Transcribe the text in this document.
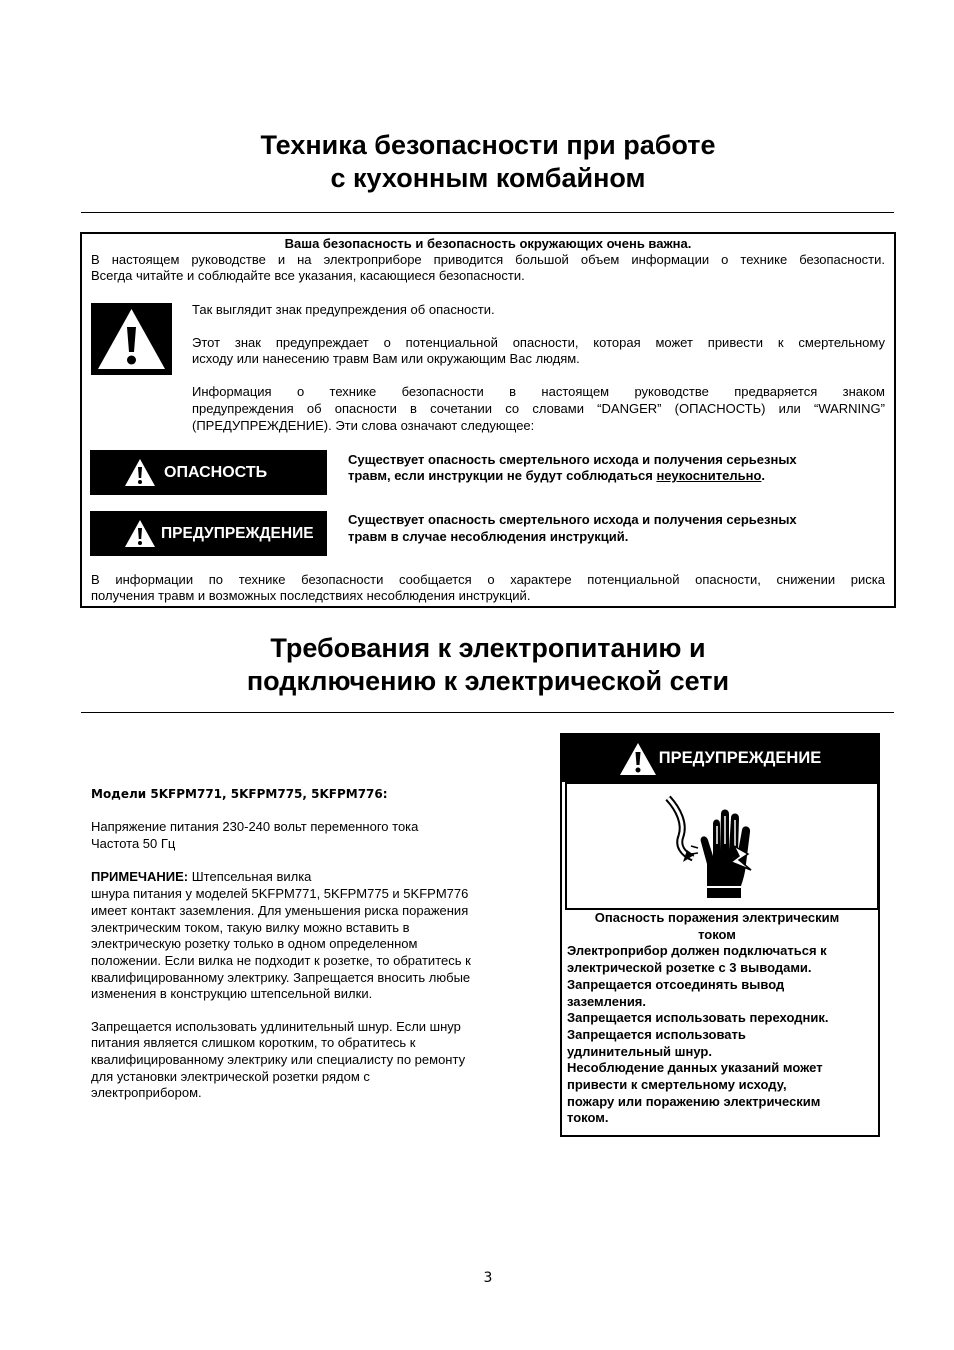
Техника безопасности при работе
с кухонным комбайном
Ваша безопасность и безопасность окружающих очень важна.
В настоящем руководстве и на электроприборе приводится большой объем информации о технике безопасности.
Всегда читайте и соблюдайте все указания, касающиеся безопасности.
Так выглядит знак предупреждения об опасности.
Этот знак предупреждает о потенциальной опасности, которая может привести к смертельному
исходу или нанесению травм Вам или окружающим Вас людям.
Информация о технике безопасности в настоящем руководстве предваряется знаком
предупреждения об опасности в сочетании со словами “DANGER” (ОПАСНОСТЬ) или “WARNING”
(ПРЕДУПРЕЖДЕНИЕ). Эти слова означают следующее:
ОПАСНОСТЬ
Существует опасность смертельного исхода и получения серьезных
травм, если инструкции не будут соблюдаться неукоснительно.
ПРЕДУПРЕЖДЕНИЕ
Существует опасность смертельного исхода и получения серьезных
травм в случае несоблюдения инструкций.
В информации по технике безопасности сообщается о характере потенциальной опасности, снижении риска
получения травм и возможных последствиях несоблюдения инструкций.
Требования к электропитанию и
подключению к электрической сети
Модели 5KFPM771, 5KFPM775, 5KFPM776:
Напряжение питания 230-240 вольт переменного тока
Частота 50 Гц
ПРИМЕЧАНИЕ: Штепсельная вилка
шнура питания у моделей 5KFPM771, 5KFPM775 и 5KFPM776
имеет контакт заземления. Для уменьшения риска поражения
электрическим током, такую вилку можно вставить в
электрическую розетку только в одном определенном
положении. Если вилка не подходит к розетке, то обратитесь к
квалифицированному электрику. Запрещается вносить любые
изменения в конструкцию штепсельной вилки.
Запрещается использовать удлинительный шнур. Если шнур
питания является слишком коротким, то обратитесь к
квалифицированному электрику или специалисту по ремонту
для установки электрической розетки рядом с
электроприбором.
ПРЕДУПРЕЖДЕНИЕ
Опасность поражения электрическим
током
Электроприбор должен подключаться к
электрической розетке с 3 выводами.
Запрещается отсоединять вывод
заземления.
Запрещается использовать переходник.
Запрещается использовать
удлинительный шнур.
Несоблюдение данных указаний может
привести к смертельному исходу,
пожару или поражению электрическим
током.
3
